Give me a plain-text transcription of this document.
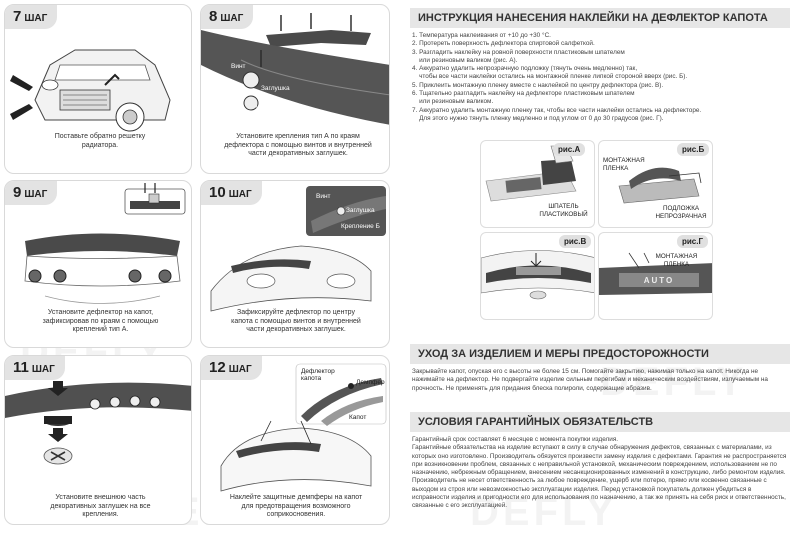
7 ШАГ
Поставьте обратно решетку радиатора.
8 ШАГ
Винт
Заглушка
Крепление А
Установите крепления тип А по краям дефлектора с помощью винтов и внутренней части декоративных заглушек.
9 ШАГ
Установите дефлектор на капот, зафиксировав по краям с помощью креплений тип А.
10 ШАГ	Винт
Заглушка
Крепление Б
Зафиксируйте дефлектор по центру капота с помощью винтов и внутренней части декоративных заглушек.
11 ШАГ
Установите внешнюю часть декоративных заглушек на все крепления.
12 ШАГ	Дефлектор капота
Демпфер
Капот
Наклейте защитные демпферы на капот для предотвращения возможного соприкосновения.
ИНСТРУКЦИЯ НАНЕСЕНИЯ НАКЛЕЙКИ НА ДЕФЛЕКТОР КАПОТА
1. Температура наклеивания от +10 до +30 °С.
2. Протереть поверхность дефлектора спиртовой салфеткой.
3. Разгладить наклейку на ровной поверхности пластиковым шпателем
или резиновым валиком (рис. А).
4. Аккуратно удалить непрозрачную подложку (тянуть очень медленно) так,
чтобы все части наклейки остались на монтажной пленке липкой стороной вверх (рис. Б).
5. Приклеить монтажную пленку вместе с наклейкой по центру дефлектора (рис. В).
6. Тщательно разгладить наклейку на дефлекторе пластиковым шпателем
или резиновым валиком.
7. Аккуратно удалить монтажную пленку так, чтобы все части наклейки остались на дефлекторе.
Для этого нужно тянуть пленку медленно и под углом от 0 до 30 градусов (рис. Г).
рис.А
ШПАТЕЛЬ ПЛАСТИКОВЫЙ
рис.Б
МОНТАЖНАЯ ПЛЕНКА
ПОДЛОЖКА НЕПРОЗРАЧНАЯ
рис.В	рис.Г
МОНТАЖНАЯ ПЛЕНКА
AUTO
УХОД ЗА ИЗДЕЛИЕМ И МЕРЫ ПРЕДОСТОРОЖНОСТИ
Закрывайте капот, опуская его с высоты не более 15 см. Помогайте закрытию, нажимая только на капот. Никогда не нажимайте на дефлектор. Не подвергайте изделие сильным перегибам и механическим воздействиям, излучаемым на прочность. Не применять для придания блеска полироли, содержащие абразив.
УСЛОВИЯ ГАРАНТИЙНЫХ ОБЯЗАТЕЛЬСТВ

Гарантийный срок составляет 6 месяцев с момента покупки изделия.

Гарантийные обязательства на изделие вступают в силу в случае обнаружения дефектов, связанных с материалами, из которых оно изготовлено. Производитель обязуется произвести замену изделия с дефектами. Гарантия не распространяется при возникновении проблем, связанных с неправильной установкой, механическим повреждением, использованием не по назначению, небрежным обращением, внесением несанкционированных изменений в конструкцию, либо ремонтом изделия. Производитель не несет ответственность за любое повреждение, ущерб или потерю, прямо или косвенно связанные с выходом из строя или невозможностью эксплуатации изделия. Перед установкой покупатель должен убедиться в исправности изделия и пригодности его для использования по назначению, а так же принять на себя риск и ответственность, связанные с его эксплуатацией.
